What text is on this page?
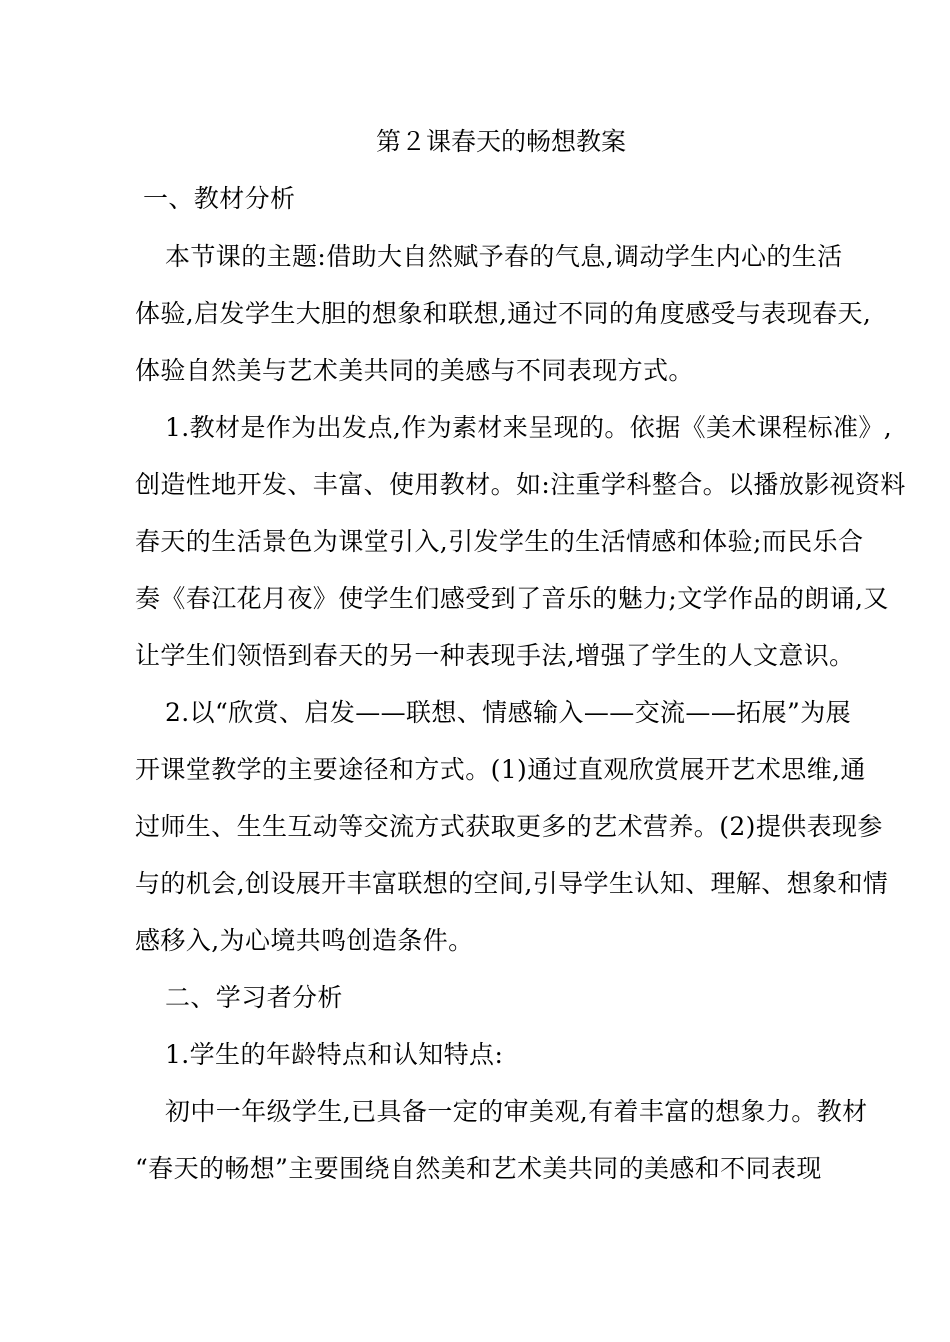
第２课春天的畅想教案
一、教材分析
本节课的主题:借助大自然赋予春的气息,调动学生内心的生活
体验,启发学生大胆的想象和联想,通过不同的角度感受与表现春天,
体验自然美与艺术美共同的美感与不同表现方式。
1.教材是作为出发点,作为素材来呈现的。依据《美术课程标准》,
创造性地开发、丰富、使用教材。如:注重学科整合。以播放影视资料
春天的生活景色为课堂引入,引发学生的生活情感和体验;而民乐合
奏《春江花月夜》使学生们感受到了音乐的魅力;文学作品的朗诵,又
让学生们领悟到春天的另一种表现手法,增强了学生的人文意识。
2.以“欣赏、启发——联想、情感输入——交流——拓展”为展
开课堂教学的主要途径和方式。(1)通过直观欣赏展开艺术思维,通
过师生、生生互动等交流方式获取更多的艺术营养。(2)提供表现参
与的机会,创设展开丰富联想的空间,引导学生认知、理解、想象和情
感移入,为心境共鸣创造条件。
二、学习者分析
1.学生的年龄特点和认知特点:
初中一年级学生,已具备一定的审美观,有着丰富的想象力。教材
“春天的畅想”主要围绕自然美和艺术美共同的美感和不同表现
